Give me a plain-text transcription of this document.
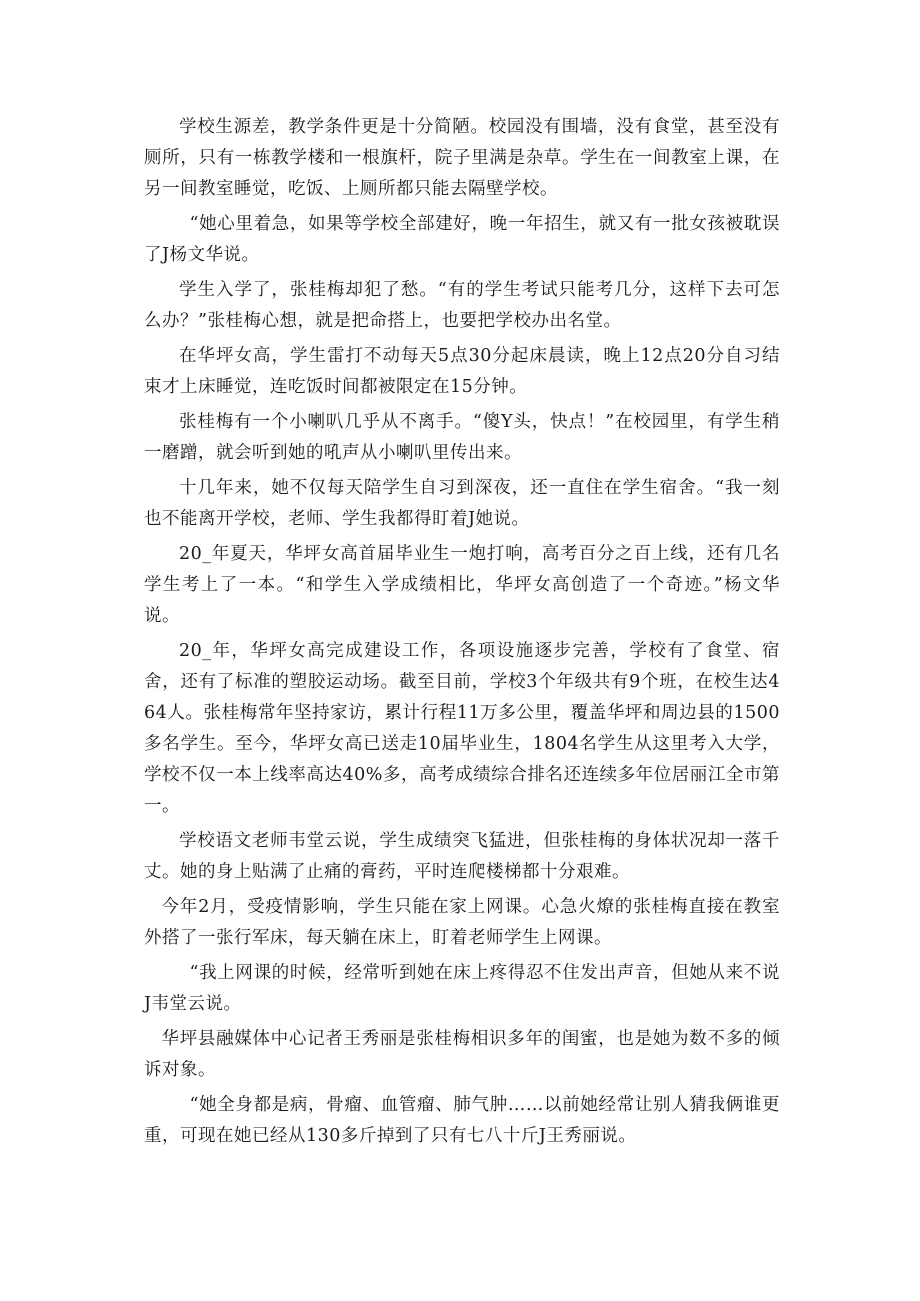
学校生源差，教学条件更是十分简陋。校园没有围墙，没有食堂，甚至没有厕所，只有一栋教学楼和一根旗杆，院子里满是杂草。学生在一间教室上课，在另一间教室睡觉，吃饭、上厕所都只能去隔壁学校。

“她心里着急，如果等学校全部建好，晚一年招生，就又有一批女孩被耽误了J杨文华说。

学生入学了，张桂梅却犯了愁。“有的学生考试只能考几分，这样下去可怎么办？”张桂梅心想，就是把命搭上，也要把学校办出名堂。

在华坪女高，学生雷打不动每天5点30分起床晨读，晚上12点20分自习结束才上床睡觉，连吃饭时间都被限定在15分钟。

张桂梅有一个小喇叭几乎从不离手。“傻Y头，快点！”在校园里，有学生稍一磨蹭，就会听到她的吼声从小喇叭里传出来。

十几年来，她不仅每天陪学生自习到深夜，还一直住在学生宿舍。“我一刻也不能离开学校，老师、学生我都得盯着J她说。

20_年夏天，华坪女高首届毕业生一炮打响，高考百分之百上线，还有几名学生考上了一本。“和学生入学成绩相比，华坪女高创造了一个奇迹。”杨文华说。

20_年，华坪女高完成建设工作，各项设施逐步完善，学校有了食堂、宿舍，还有了标准的塑胶运动场。截至目前，学校3个年级共有9个班，在校生达464人。张桂梅常年坚持家访，累计行程11万多公里，覆盖华坪和周边县的1500多名学生。至今，华坪女高已送走10届毕业生，1804名学生从这里考入大学，学校不仅一本上线率高达40%多，高考成绩综合排名还连续多年位居丽江全市第一。

学校语文老师韦堂云说，学生成绩突飞猛进，但张桂梅的身体状况却一落千丈。她的身上贴满了止痛的膏药，平时连爬楼梯都十分艰难。

今年2月，受疫情影响，学生只能在家上网课。心急火燎的张桂梅直接在教室外搭了一张行军床，每天躺在床上，盯着老师学生上网课。

“我上网课的时候，经常听到她在床上疼得忍不住发出声音，但她从来不说J韦堂云说。

华坪县融媒体中心记者王秀丽是张桂梅相识多年的闺蜜，也是她为数不多的倾诉对象。

“她全身都是病，骨瘤、血管瘤、肺气肿……以前她经常让别人猜我俩谁更重，可现在她已经从130多斤掉到了只有七八十斤J王秀丽说。
